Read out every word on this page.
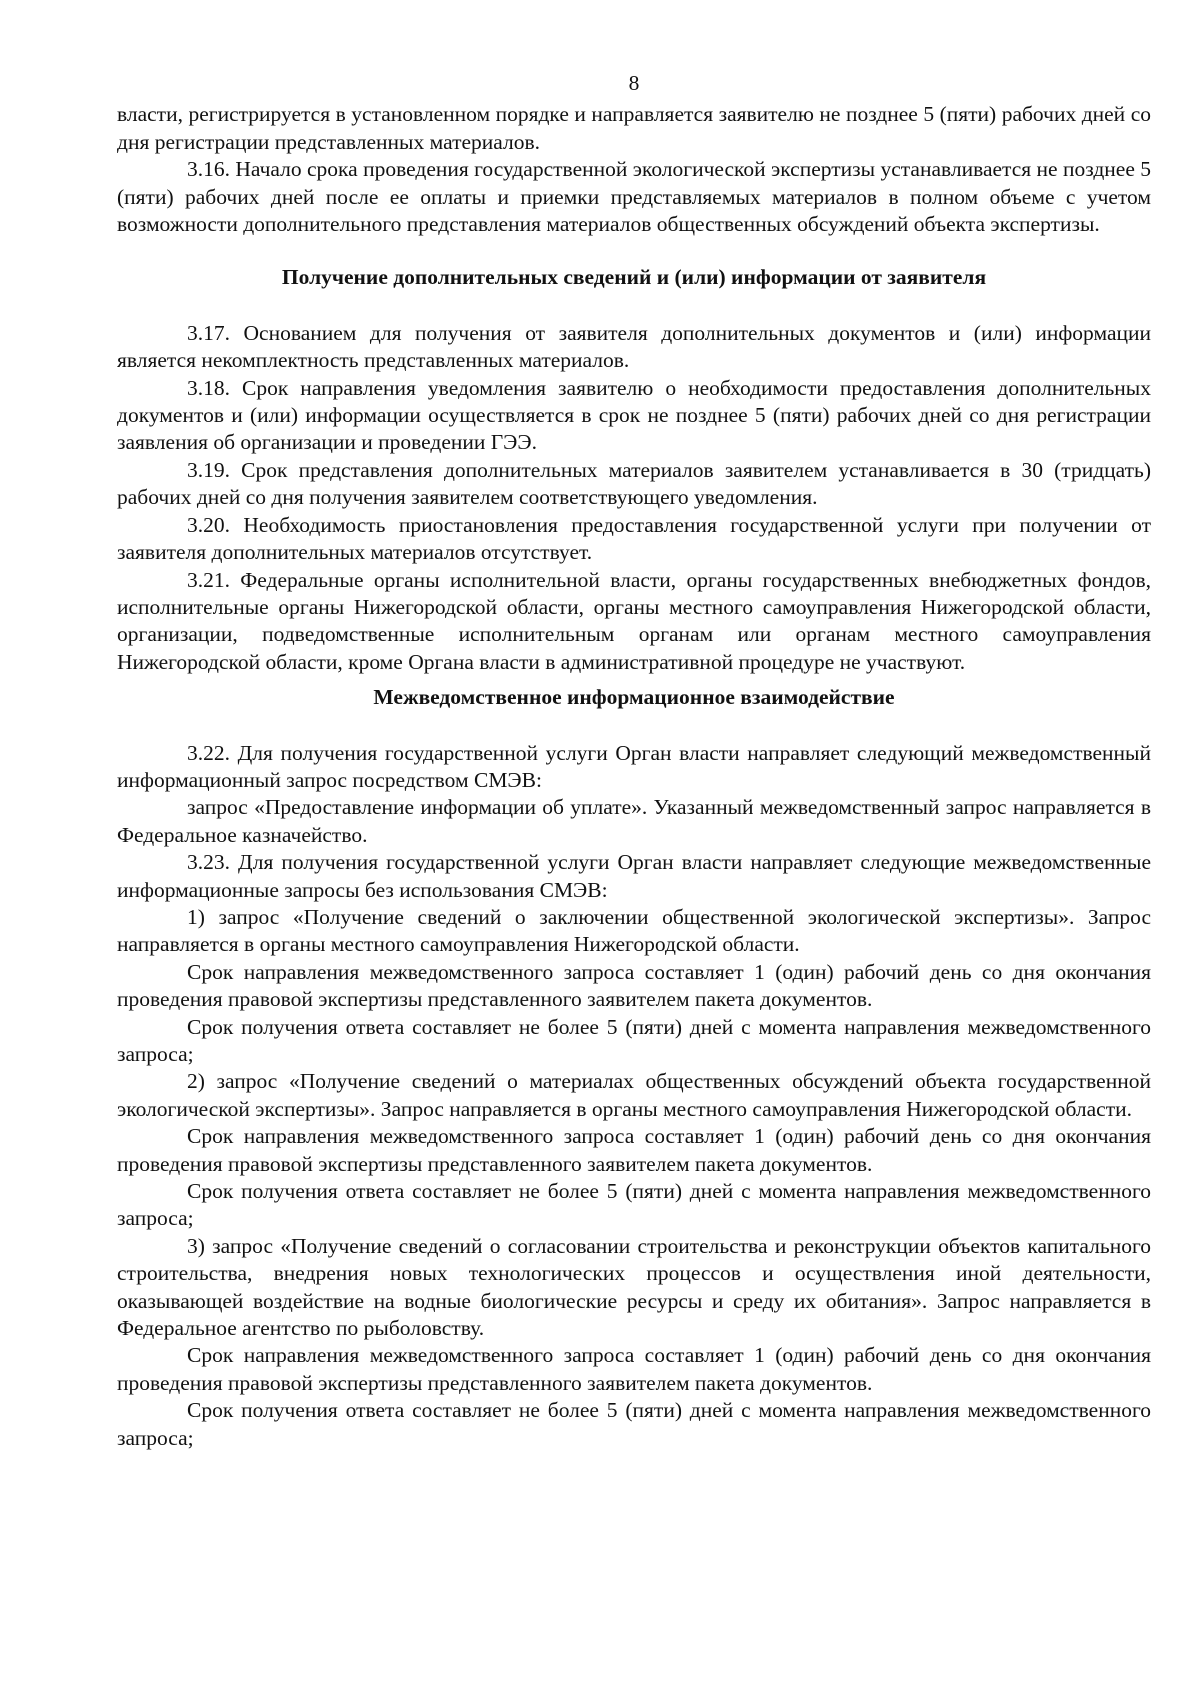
8

власти, регистрируется в установленном порядке и направляется заявителю не позднее 5 (пяти) рабочих дней со дня регистрации представленных материалов.

3.16. Начало срока проведения государственной экологической экспертизы устанавливается не позднее 5 (пяти) рабочих дней после ее оплаты и приемки представляемых материалов в полном объеме с учетом возможности дополнительного представления материалов общественных обсуждений объекта экспертизы.

Получение дополнительных сведений и (или) информации от заявителя

3.17. Основанием для получения от заявителя дополнительных документов и (или) информации является некомплектность представленных материалов.

3.18. Срок направления уведомления заявителю о необходимости предоставления дополнительных документов и (или) информации осуществляется в срок не позднее 5 (пяти) рабочих дней со дня регистрации заявления об организации и проведении ГЭЭ.

3.19. Срок представления дополнительных материалов заявителем устанавливается в 30 (тридцать) рабочих дней со дня получения заявителем соответствующего уведомления.

3.20. Необходимость приостановления предоставления государственной услуги при получении от заявителя дополнительных материалов отсутствует.

3.21. Федеральные органы исполнительной власти, органы государственных внебюджетных фондов, исполнительные органы Нижегородской области, органы местного самоуправления Нижегородской области, организации, подведомственные исполнительным органам или органам местного самоуправления Нижегородской области, кроме Органа власти в административной процедуре не участвуют.

Межведомственное информационное взаимодействие

3.22. Для получения государственной услуги Орган власти направляет следующий межведомственный информационный запрос посредством СМЭВ:

запрос «Предоставление информации об уплате». Указанный межведомственный запрос направляется в Федеральное казначейство.

3.23. Для получения государственной услуги Орган власти направляет следующие межведомственные информационные запросы без использования СМЭВ:

1) запрос «Получение сведений о заключении общественной экологической экспертизы». Запрос направляется в органы местного самоуправления Нижегородской области.

Срок направления межведомственного запроса составляет 1 (один) рабочий день со дня окончания проведения правовой экспертизы представленного заявителем пакета документов.

Срок получения ответа составляет не более 5 (пяти) дней с момента направления межведомственного запроса;

2) запрос «Получение сведений о материалах общественных обсуждений объекта государственной экологической экспертизы». Запрос направляется в органы местного самоуправления Нижегородской области.

Срок направления межведомственного запроса составляет 1 (один) рабочий день со дня окончания проведения правовой экспертизы представленного заявителем пакета документов.

Срок получения ответа составляет не более 5 (пяти) дней с момента направления межведомственного запроса;

3) запрос «Получение сведений о согласовании строительства и реконструкции объектов капитального строительства, внедрения новых технологических процессов и осуществления иной деятельности, оказывающей воздействие на водные биологические ресурсы и среду их обитания». Запрос направляется в Федеральное агентство по рыболовству.

Срок направления межведомственного запроса составляет 1 (один) рабочий день со дня окончания проведения правовой экспертизы представленного заявителем пакета документов.

Срок получения ответа составляет не более 5 (пяти) дней с момента направления межведомственного запроса;
